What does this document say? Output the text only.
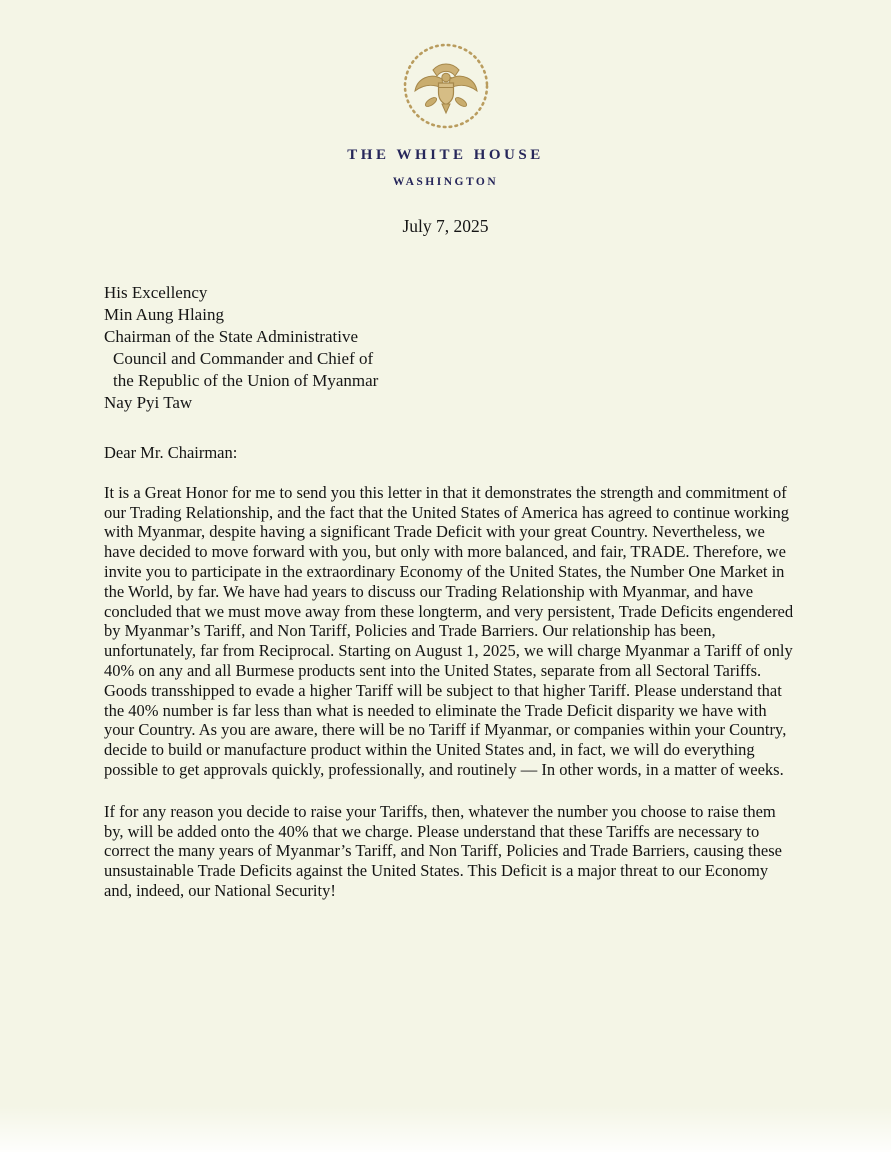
THE WHITE HOUSE
WASHINGTON
July 7, 2025
His Excellency
Min Aung Hlaing
Chairman of the State Administrative
Council and Commander and Chief of
the Republic of the Union of Myanmar
Nay Pyi Taw

Dear Mr. Chairman:

It is a Great Honor for me to send you this letter in that it demonstrates the strength and commitment of our Trading Relationship, and the fact that the United States of America has agreed to continue working with Myanmar, despite having a significant Trade Deficit with your great Country. Nevertheless, we have decided to move forward with you, but only with more balanced, and fair, TRADE. Therefore, we invite you to participate in the extraordinary Economy of the United States, the Number One Market in the World, by far. We have had years to discuss our Trading Relationship with Myanmar, and have concluded that we must move away from these longterm, and very persistent, Trade Deficits engendered by Myanmar’s Tariff, and Non Tariff, Policies and Trade Barriers. Our relationship has been, unfortunately, far from Reciprocal. Starting on August 1, 2025, we will charge Myanmar a Tariff of only 40% on any and all Burmese products sent into the United States, separate from all Sectoral Tariffs. Goods transshipped to evade a higher Tariff will be subject to that higher Tariff. Please understand that the 40% number is far less than what is needed to eliminate the Trade Deficit disparity we have with your Country. As you are aware, there will be no Tariff if Myanmar, or companies within your Country, decide to build or manufacture product within the United States and, in fact, we will do everything possible to get approvals quickly, professionally, and routinely — In other words, in a matter of weeks.

If for any reason you decide to raise your Tariffs, then, whatever the number you choose to raise them by, will be added onto the 40% that we charge. Please understand that these Tariffs are necessary to correct the many years of Myanmar’s Tariff, and Non Tariff, Policies and Trade Barriers, causing these unsustainable Trade Deficits against the United States. This Deficit is a major threat to our Economy and, indeed, our National Security!
